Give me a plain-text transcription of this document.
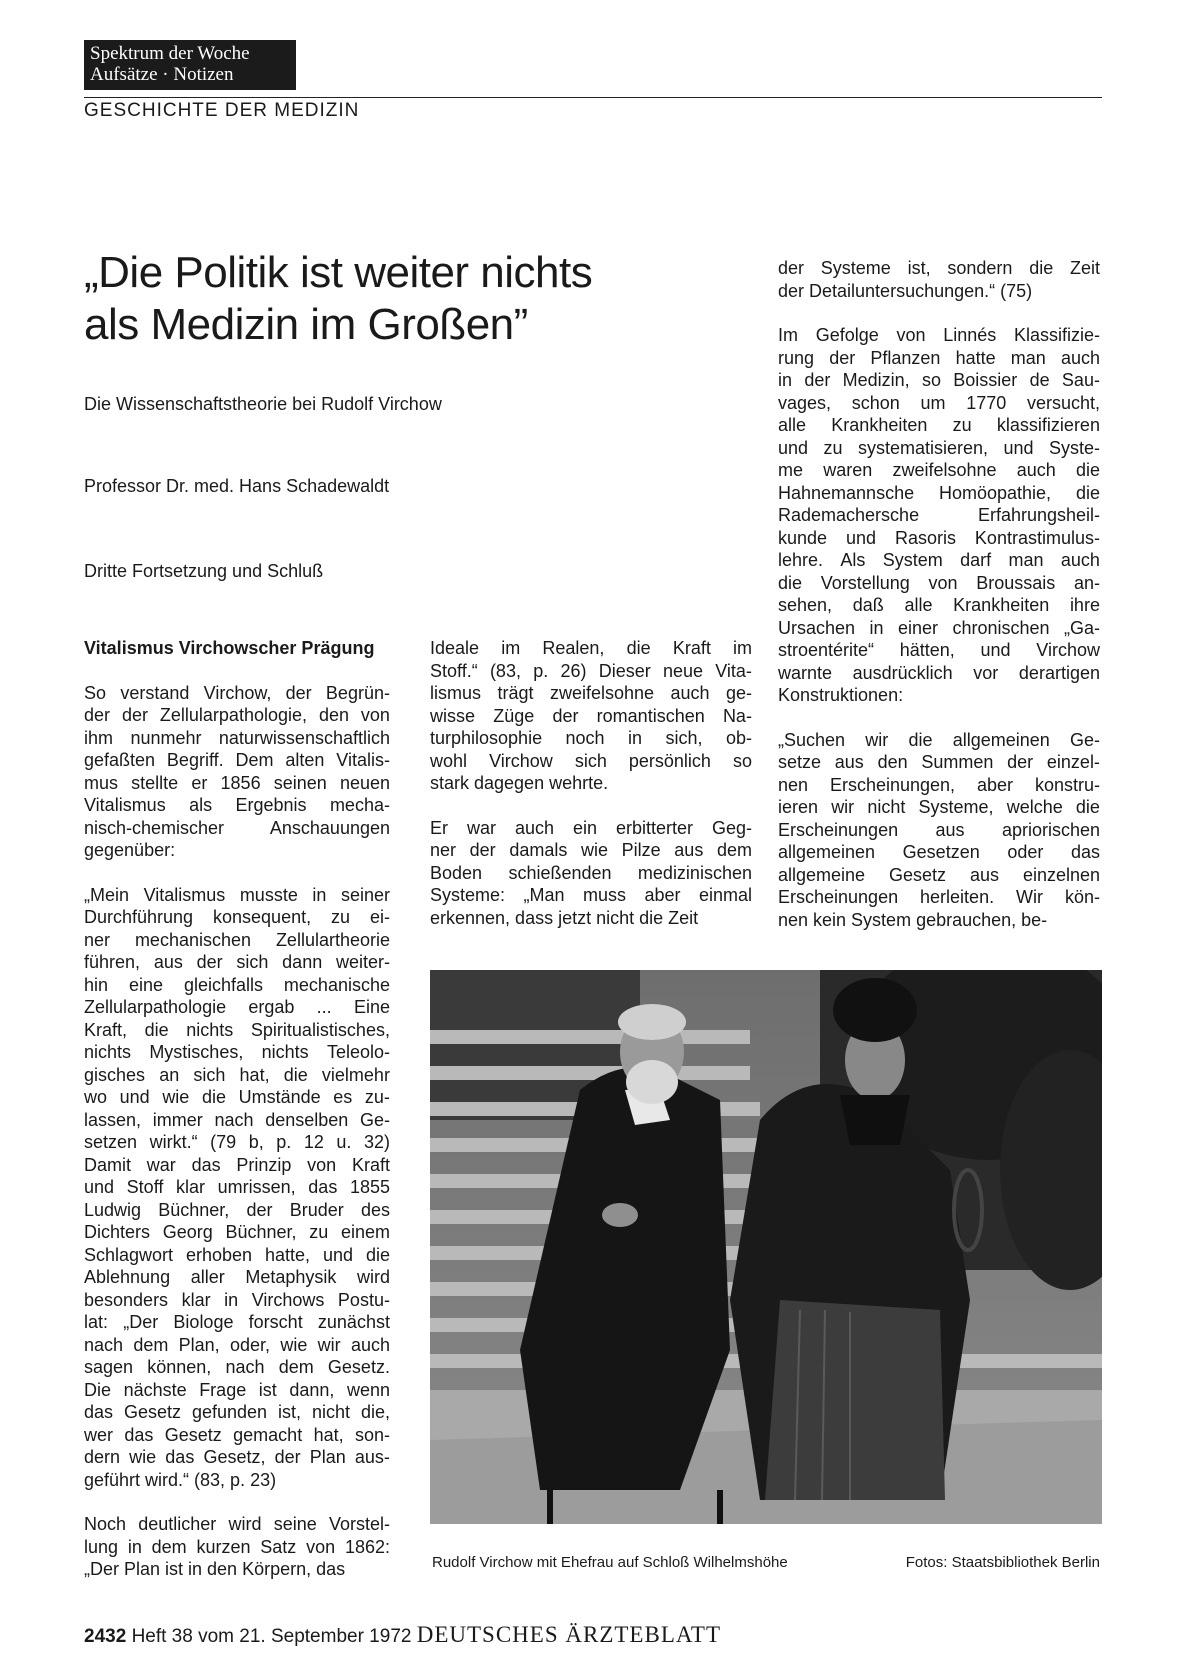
Spektrum der Woche
Aufsätze · Notizen
GESCHICHTE DER MEDIZIN
„Die Politik ist weiter nichts
als Medizin im Großen”
Die Wissenschaftstheorie bei Rudolf Virchow
Professor Dr. med. Hans Schadewaldt
Dritte Fortsetzung und Schluß
Vitalismus Virchowscher Prägung

So verstand Virchow, der Begrün-
der der Zellularpathologie, den von
ihm nunmehr naturwissenschaftlich
gefaßten Begriff. Dem alten Vitalis-
mus stellte er 1856 seinen neuen
Vitalismus als Ergebnis mecha-
nisch-chemischer	Anschauungen
gegenüber:

„Mein Vitalismus musste in seiner
Durchführung konsequent, zu ei-
ner mechanischen Zellulartheorie
führen, aus der sich dann weiter-
hin eine gleichfalls mechanische
Zellularpathologie ergab ... Eine
Kraft, die nichts Spiritualistisches,
nichts Mystisches, nichts Teleolo-
gisches an sich hat, die vielmehr
wo und wie die Umstände es zu-
lassen, immer nach denselben Ge-
setzen wirkt.“ (79 b, p. 12 u. 32)
Damit war das Prinzip von Kraft
und Stoff klar umrissen, das 1855
Ludwig Büchner, der Bruder des
Dichters Georg Büchner, zu einem
Schlagwort erhoben hatte, und die
Ablehnung aller Metaphysik wird
besonders klar in Virchows Postu-
lat: „Der Biologe forscht zunächst
nach dem Plan, oder, wie wir auch
sagen können, nach dem Gesetz.
Die nächste Frage ist dann, wenn
das Gesetz gefunden ist, nicht die,
wer das Gesetz gemacht hat, son-
dern wie das Gesetz, der Plan aus-
geführt wird.“ (83, p. 23)

Noch deutlicher wird seine Vorstel-
lung in dem kurzen Satz von 1862:
„Der Plan ist in den Körpern, das

Ideale im Realen, die Kraft im
Stoff.“ (83, p. 26) Dieser neue Vita-
lismus trägt zweifelsohne auch ge-
wisse Züge der romantischen Na-
turphilosophie noch in sich, ob-
wohl Virchow sich persönlich so
stark dagegen wehrte.

Er war auch ein erbitterter Geg-
ner der damals wie Pilze aus dem
Boden schießenden medizinischen
Systeme: „Man muss aber einmal
erkennen, dass jetzt nicht die Zeit

der Systeme ist, sondern die Zeit
der Detailuntersuchungen.“ (75)

Im Gefolge von Linnés Klassifizie-
rung der Pflanzen hatte man auch
in der Medizin, so Boissier de Sau-
vages, schon um 1770 versucht,
alle Krankheiten zu klassifizieren
und zu systematisieren, und Syste-
me waren zweifelsohne auch die
Hahnemannsche Homöopathie, die
Rademachersche	Erfahrungsheil-
kunde und Rasoris Kontrastimulus-
lehre. Als System darf man auch
die Vorstellung von Broussais an-
sehen, daß alle Krankheiten ihre
Ursachen in einer chronischen „Ga-
stroentérite“ hätten, und Virchow
warnte ausdrücklich vor derartigen
Konstruktionen:

„Suchen wir die allgemeinen Ge-
setze aus den Summen der einzel-
nen Erscheinungen, aber konstru-
ieren wir nicht Systeme, welche die
Erscheinungen aus apriorischen
allgemeinen Gesetzen oder das
allgemeine Gesetz aus einzelnen
Erscheinungen herleiten. Wir kön-
nen kein System gebrauchen, be-

Rudolf Virchow mit Ehefrau auf Schloß Wilhelmshöhe	Fotos: Staatsbibliothek Berlin
2432 Heft 38 vom 21. September 1972 DEUTSCHES ÄRZTEBLATT
